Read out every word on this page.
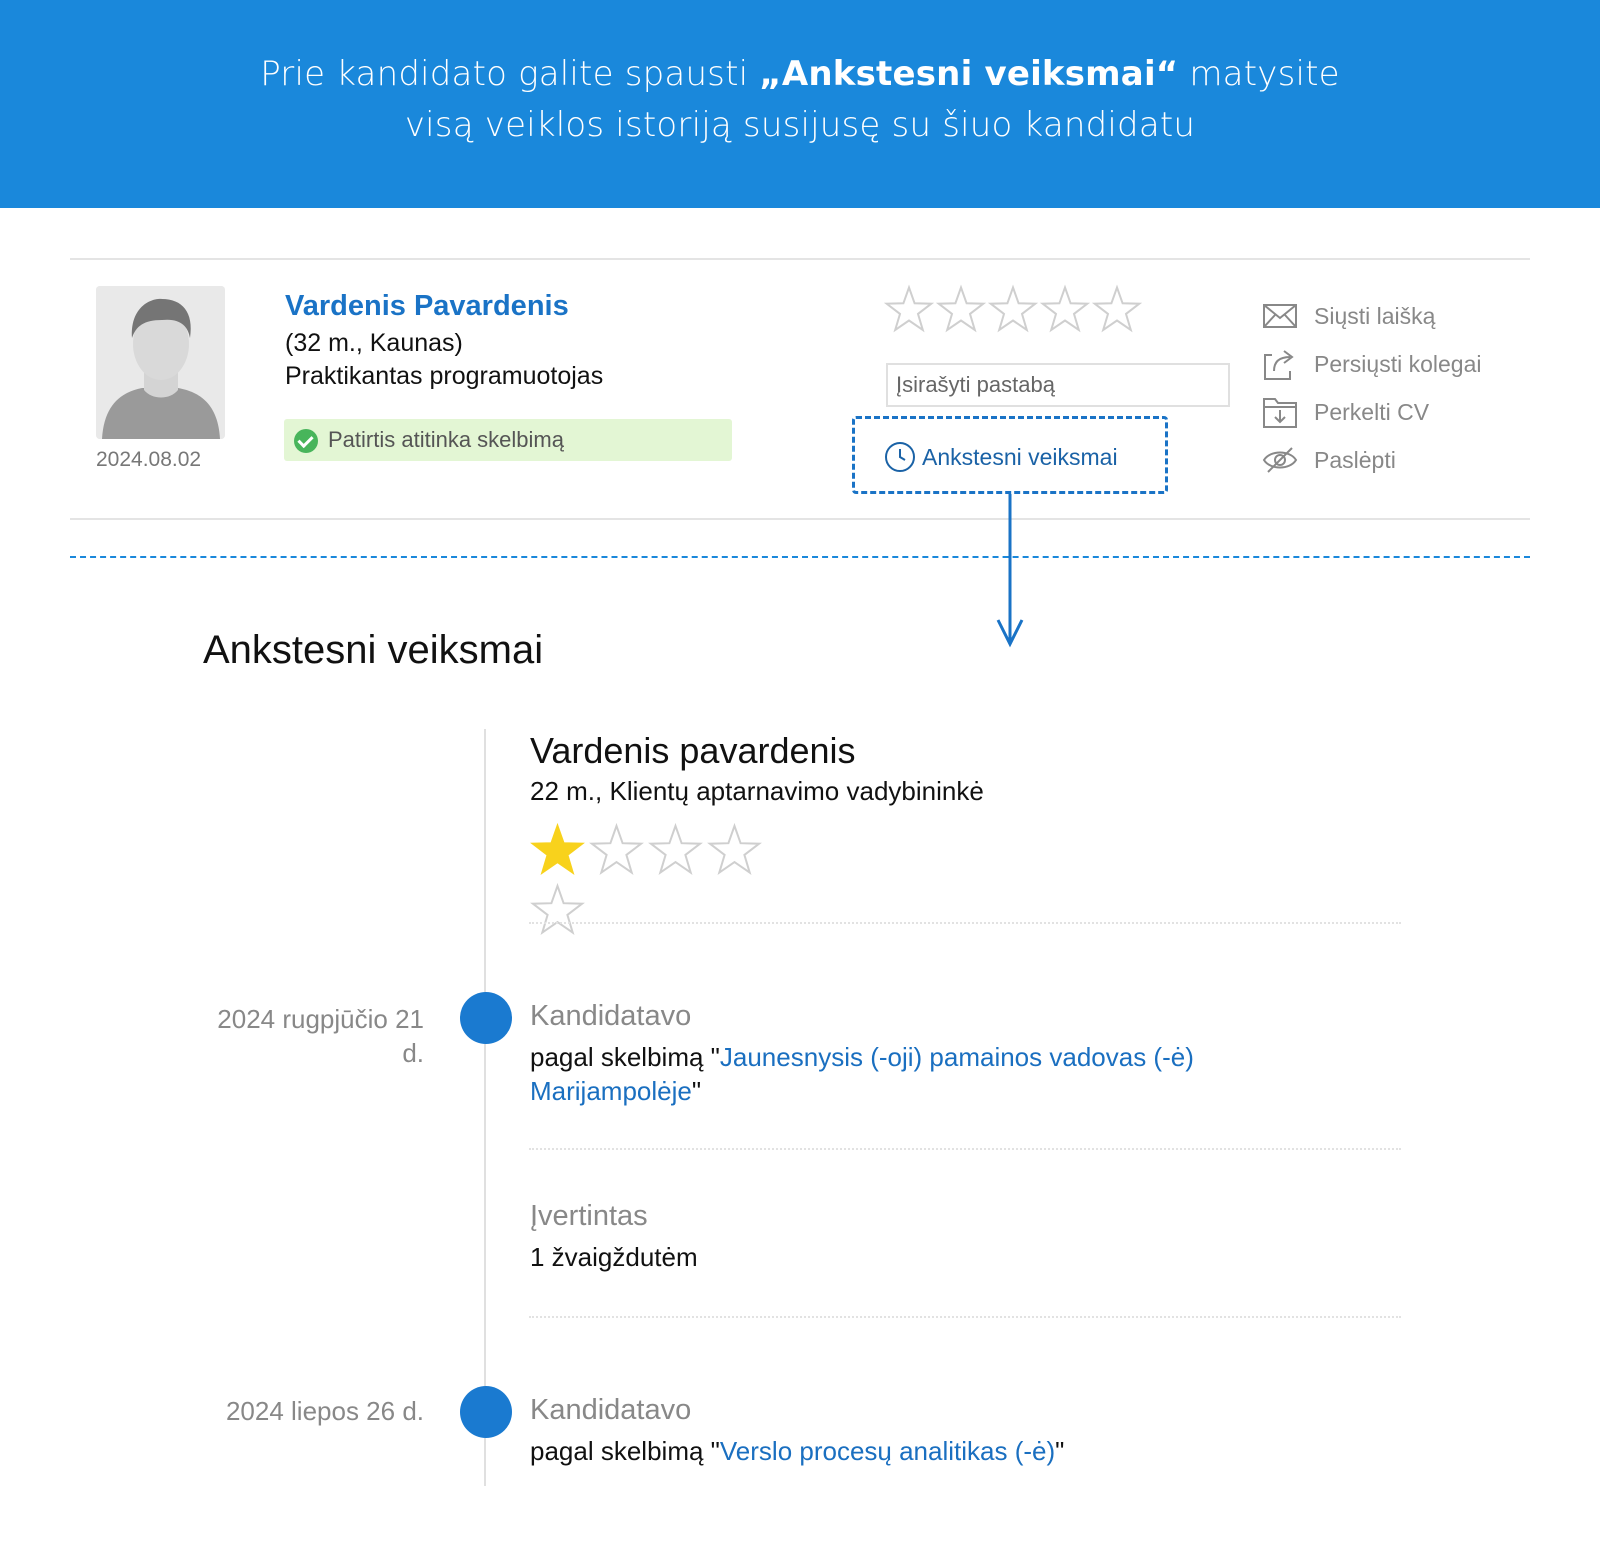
Prie kandidato galite spausti „Ankstesni veiksmai“ matysite
visą veiklos istoriją susijusę su šiuo kandidatu
2024.08.02
Vardenis Pavardenis
(32 m., Kaunas)
Praktikantas programuotojas
Patirtis atitinka skelbimą
Įsirašyti pastabą
Ankstesni veiksmai
Siųsti laišką
Persiųsti kolegai
Perkelti CV
Paslėpti
Ankstesni veiksmai
Vardenis pavardenis
22 m., Klientų aptarnavimo vadybininkė
2024 rugpjūčio 21 d.
Kandidatavo
pagal skelbimą "Jaunesnysis (-oji) pamainos vadovas (-ė) Marijampolėje"
Įvertintas
1 žvaigždutėm
2024 liepos 26 d.	Kandidatavo
pagal skelbimą "Verslo procesų analitikas (-ė)"
